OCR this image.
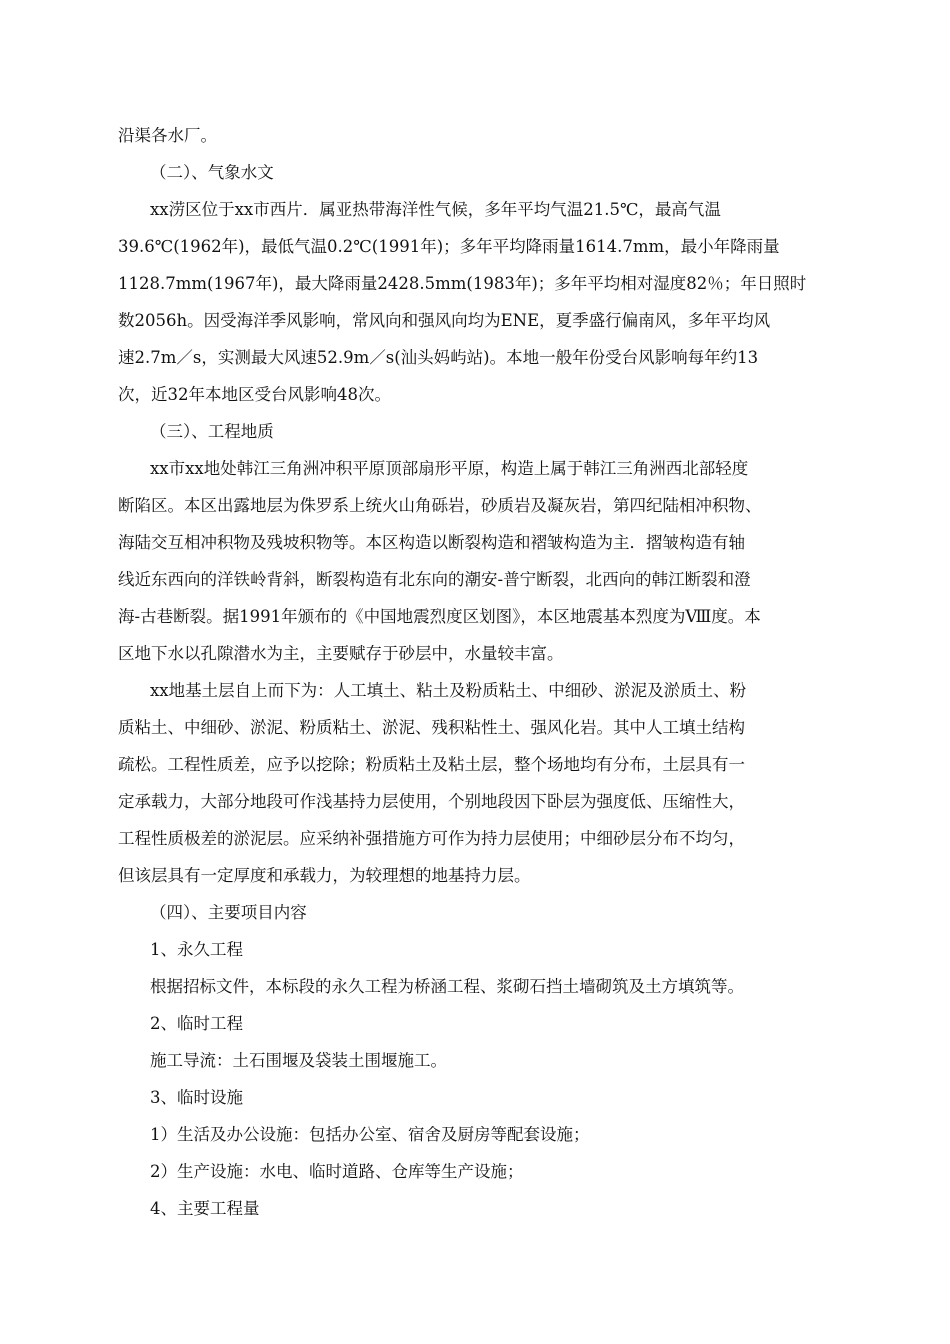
沿渠各水厂。
（二）、气象水文
xx涝区位于xx市西片．属亚热带海洋性气候，多年平均气温21.5℃，最高气温
39.6℃(1962年)，最低气温0.2℃(1991年)；多年平均降雨量1614.7mm，最小年降雨量
1128.7mm(1967年)，最大降雨量2428.5mm(1983年)；多年平均相对湿度82％；年日照时
数2056h。因受海洋季风影响，常风向和强风向均为ENE，夏季盛行偏南风，多年平均风
速2.7m／s，实测最大风速52.9m／s(汕头妈屿站)。本地一般年份受台风影响每年约13
次，近32年本地区受台风影响48次。
（三）、工程地质
xx市xx地处韩江三角洲冲积平原顶部扇形平原，构造上属于韩江三角洲西北部轻度
断陷区。本区出露地层为侏罗系上统火山角砾岩，砂质岩及凝灰岩，第四纪陆相冲积物、
海陆交互相冲积物及残坡积物等。本区构造以断裂构造和褶皱构造为主．摺皱构造有轴
线近东西向的洋铁岭背斜，断裂构造有北东向的潮安-普宁断裂，北西向的韩江断裂和澄
海-古巷断裂。据1991年颁布的《中国地震烈度区划图》，本区地震基本烈度为Ⅷ度。本
区地下水以孔隙潜水为主，主要赋存于砂层中，水量较丰富。
xx地基土层自上而下为：人工填土、粘土及粉质粘土、中细砂、淤泥及淤质土、粉
质粘土、中细砂、淤泥、粉质粘土、淤泥、残积粘性土、强风化岩。其中人工填土结构
疏松。工程性质差，应予以挖除；粉质粘土及粘土层，整个场地均有分布，土层具有一
定承载力，大部分地段可作浅基持力层使用，个别地段因下卧层为强度低、压缩性大，
工程性质极差的淤泥层。应采纳补强措施方可作为持力层使用；中细砂层分布不均匀，
但该层具有一定厚度和承载力，为较理想的地基持力层。
（四）、主要项目内容
1、永久工程
根据招标文件，本标段的永久工程为桥涵工程、浆砌石挡土墙砌筑及土方填筑等。
2、临时工程
施工导流：土石围堰及袋装土围堰施工。
3、临时设施
1）生活及办公设施：包括办公室、宿舍及厨房等配套设施；
2）生产设施：水电、临时道路、仓库等生产设施；
4、主要工程量
